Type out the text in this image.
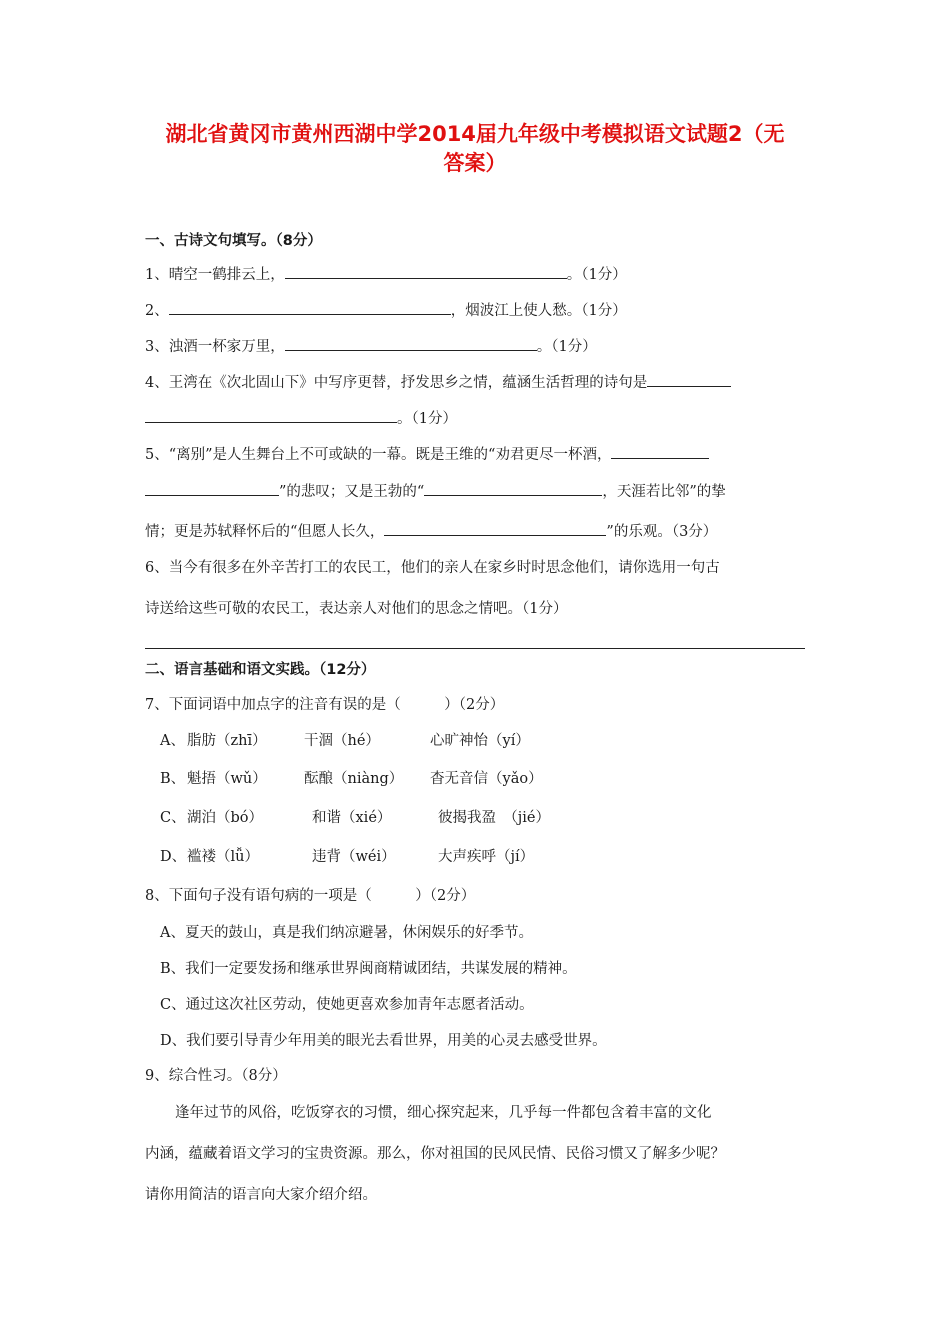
湖北省黄冈市黄州西湖中学2014届九年级中考模拟语文试题2（无
答案）
一、古诗文句填写。（8分）
1、晴空一鹤排云上，	。（1分）
2、	，烟波江上使人愁。（1分）
3、浊酒一杯家万里，	。（1分）
4、王湾在《次北固山下》中写序更替，抒发思乡之情，蕴涵生活哲理的诗句是
。（1分）
5、“离别”是人生舞台上不可或缺的一幕。既是王维的“劝君更尽一杯酒，
”的悲叹；又是王勃的“	，天涯若比邻”的挚
情；更是苏轼释怀后的“但愿人长久，	”的乐观。（3分）
6、当今有很多在外辛苦打工的农民工，他们的亲人在家乡时时思念他们，请你选用一句古
诗送给这些可敬的农民工，表达亲人对他们的思念之情吧。（1分）
二、语言基础和语文实践。（12分）
7、下面词语中加点字的注音有误的是（　　　）（2分）
A、 脂肪（zhī）	干涸（hé）	心旷神怡（yí）
B、 魁捂（wǔ）	酝酿（niàng） 杳无音信（yǎo）
C、 湖泊（bó）	和谐（xié）	彼揭我盈　（jié）
D、 褴褛（lǚ）	违背（wéi）	大声疾呼（jí）
8、下面句子没有语句病的一项是（　　　）（2分）
A、夏天的鼓山，真是我们纳凉避暑，休闲娱乐的好季节。
B、我们一定要发扬和继承世界闽商精诚团结，共谋发展的精神。
C、通过这次社区劳动，使她更喜欢参加青年志愿者活动。
D、我们要引导青少年用美的眼光去看世界，用美的心灵去感受世界。
9、综合性习。（8分）
逢年过节的风俗，吃饭穿衣的习惯，细心探究起来，几乎每一件都包含着丰富的文化
内涵，蕴藏着语文学习的宝贵资源。那么，你对祖国的民风民情、民俗习惯又了解多少呢？
请你用简洁的语言向大家介绍介绍。
